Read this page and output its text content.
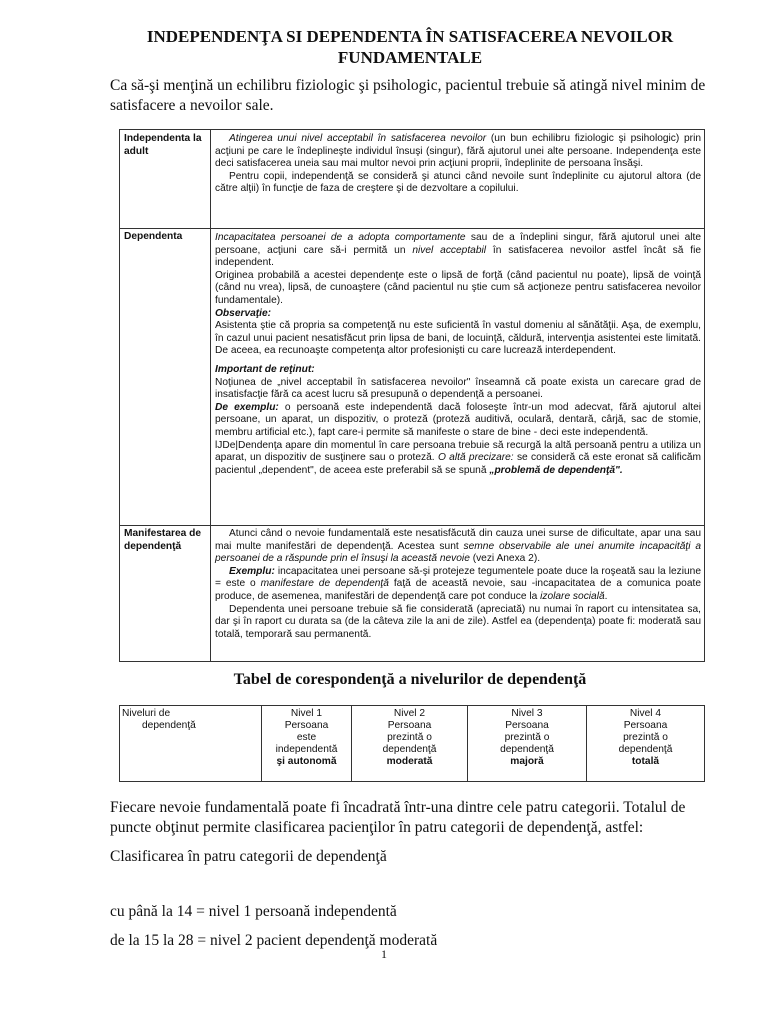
INDEPENDENŢA SI DEPENDENTA ÎN SATISFACEREA NEVOILOR
FUNDAMENTALE
Ca să-şi menţină un echilibru fiziologic şi psihologic, pacientul trebuie să atingă nivel minim de satisfacere a nevoilor sale.
Independenta la adult

Atingerea unui nivel acceptabil în satisfacerea nevoilor (un bun echilibru fiziologic şi psihologic) prin acţiuni pe care le îndeplineşte individul însuşi (singur), fără ajutorul unei alte persoane. Independenţa este deci satisfacerea uneia sau mai multor nevoi prin acţiuni proprii, îndeplinite de persoana însăşi.

Pentru copii, independenţă se consideră şi atunci când nevoile sunt îndeplinite cu ajutorul altora (de către alţii) în funcţie de faza de creştere şi de dezvoltare a copilului.

Dependenta	Incapacitatea persoanei de a adopta comportamente sau de a îndeplini singur, fără ajutorul unei alte persoane, acţiuni care să-i permită un nivel acceptabil în satisfacerea nevoilor astfel încât să fie independent.

Originea probabilă a acestei dependenţe este o lipsă de forţă (când pacientul nu poate), lipsă de voinţă (când nu vrea), lipsă, de cunoaştere (când pacientul nu ştie cum să acţioneze pentru satisfacerea nevoilor fundamentale).

Observaţie:

Asistenta ştie că propria sa competenţă nu este suficientă în vastul domeniu al sănătăţii. Aşa, de exemplu, în cazul unui pacient nesatisfăcut prin lipsa de bani, de locuinţă, căldură, intervenţia asistentei este limitată. De aceea, ea recunoaşte competenţa altor profesionişti cu care lucrează interdependent.

Important de reţinut:

Noţiunea de „nivel acceptabil în satisfacerea nevoilor" înseamnă că poate exista un carecare grad de insatisfacţie fără ca acest lucru să presupună o dependenţă a persoanei.

De exemplu: o persoană este independentă dacă foloseşte într-un mod adecvat, fără ajutorul altei persoane, un aparat, un dispozitiv, o proteză (proteză auditivă, oculară, dentară, cârjă, sac de stomie, membru artificial etc.), fapt care-i permite să manifeste o stare de bine - deci este independentă.

lJDe|Dendenţa apare din momentul în care persoana trebuie să recurgă la altă persoană pentru a utiliza un aparat, un dispozitiv de susţinere sau o proteză. O altă precizare: se consideră că este eronat să calificăm pacientul „dependent", de aceea este preferabil să se spună „problemă de dependenţă".

Manifestarea de dependenţă

Atunci când o nevoie fundamentală este nesatisfăcută din cauza unei surse de dificultate, apar una sau mai multe manifestări de dependenţă. Acestea sunt semne observabile ale unei anumite incapacităţi a persoanei de a răspunde prin el însuşi la această nevoie (vezi Anexa 2).

Exemplu: incapacitatea unei persoane să-şi protejeze tegumentele poate duce la roşeată sau la leziune = este o manifestare de dependenţă faţă de această nevoie, sau -incapacitatea de a comunica poate produce, de asemenea, manifestări de dependenţă care pot conduce la izolare socială.

Dependenta unei persoane trebuie să fie considerată (apreciată) nu numai în raport cu intensitatea sa, dar şi în raport cu durata sa (de la câteva zile la ani de zile). Astfel ea (dependenţa) poate fi: moderată sau totală, temporară sau permanentă.

Tabel de corespondenţă a nivelurilor de dependenţă
Niveluri de
dependenţă
Nivel 1
Persoana
este
independentă
şi autonomă
Nivel 2
Persoana
prezintă o
dependenţă
moderată
Nivel 3
Persoana
prezintă o
dependenţă
majoră
Nivel 4
Persoana
prezintă o
dependenţă
totală
Fiecare nevoie fundamentală poate fi încadrată într-una dintre cele patru categorii. Totalul de puncte obţinut permite clasificarea pacienţilor în patru categorii de dependenţă, astfel:
Clasificarea în patru categorii de dependenţă
cu până la 14 = nivel 1 persoană independentă
de la 15 la 28 = nivel 2 pacient dependenţă moderată
1
